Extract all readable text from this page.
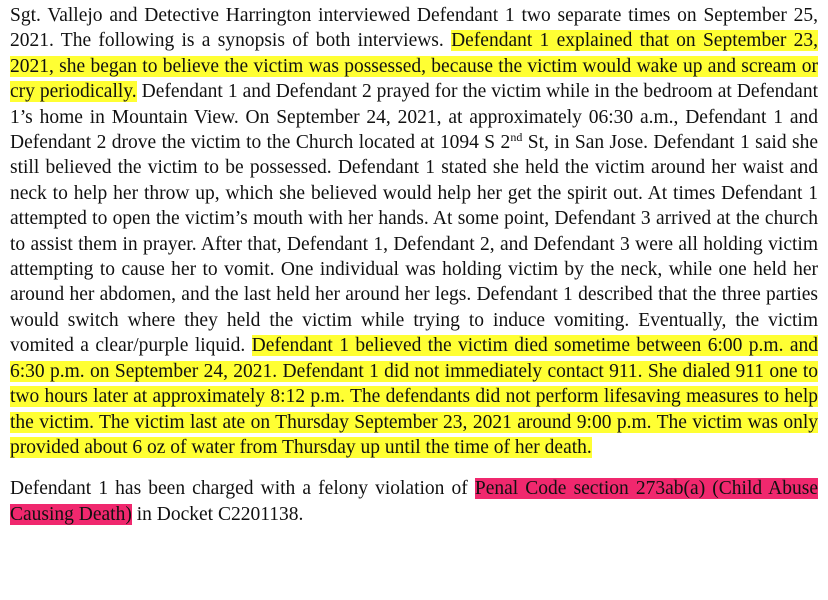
Sgt. Vallejo and Detective Harrington interviewed Defendant 1 two separate times on September 25, 2021. The following is a synopsis of both interviews. Defendant 1 explained that on September 23, 2021, she began to believe the victim was possessed, because the victim would wake up and scream or cry periodically. Defendant 1 and Defendant 2 prayed for the victim while in the bedroom at Defendant 1’s home in Mountain View. On September 24, 2021, at approximately 06:30 a.m., Defendant 1 and Defendant 2 drove the victim to the Church located at 1094 S 2nd St, in San Jose. Defendant 1 said she still believed the victim to be possessed. Defendant 1 stated she held the victim around her waist and neck to help her throw up, which she believed would help her get the spirit out. At times Defendant 1 attempted to open the victim’s mouth with her hands. At some point, Defendant 3 arrived at the church to assist them in prayer. After that, Defendant 1, Defendant 2, and Defendant 3 were all holding victim attempting to cause her to vomit. One individual was holding victim by the neck, while one held her around her abdomen, and the last held her around her legs. Defendant 1 described that the three parties would switch where they held the victim while trying to induce vomiting. Eventually, the victim vomited a clear/purple liquid. Defendant 1 believed the victim died sometime between 6:00 p.m. and 6:30 p.m. on September 24, 2021. Defendant 1 did not immediately contact 911. She dialed 911 one to two hours later at approximately 8:12 p.m. The defendants did not perform lifesaving measures to help the victim. The victim last ate on Thursday September 23, 2021 around 9:00 p.m. The victim was only provided about 6 oz of water from Thursday up until the time of her death.

Defendant 1 has been charged with a felony violation of Penal Code section 273ab(a) (Child Abuse Causing Death) in Docket C2201138.
